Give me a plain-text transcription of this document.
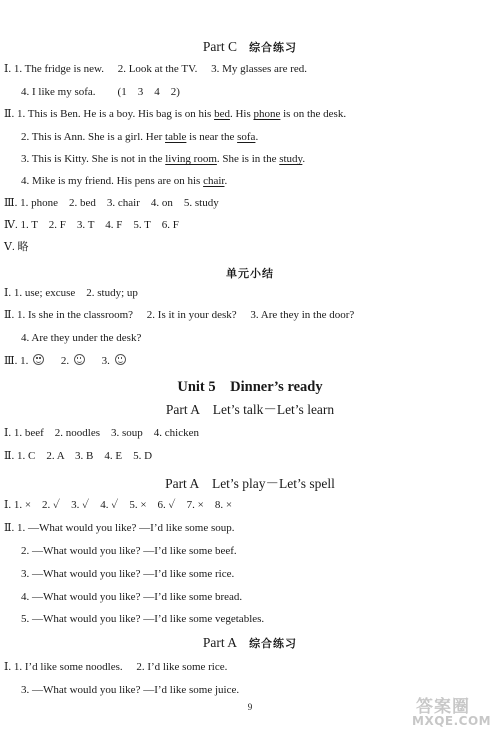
Part C 综合练习
Ⅰ. 1. The fridge is new.　 2. Look at the TV.　 3. My glasses are red.
4. I like my sofa.　　(1　3　4　2)
Ⅱ. 1. This is Ben. He is a boy. His bag is on his bed. His phone is on the desk.
2. This is Ann. She is a girl. Her table is near the sofa.
3. This is Kitty. She is not in the living room. She is in the study.
4. Mike is my friend. His pens are on his chair.
Ⅲ. 1. phone　2. bed　3. chair　4. on　5. study
Ⅳ. 1. T　2. F　3. T　4. F　5. T　6. F
Ⅴ. 略
单元小结
Ⅰ. 1. use; excuse　2. study; up
Ⅱ. 1. Is she in the classroom?　 2. Is it in your desk?　 3. Are they in the door?
4. Are they under the desk?
Ⅲ. 1.	2.	3.
Unit 5　Dinner’s ready
Part A　Let’s talk－Let’s learn
Ⅰ. 1. beef　2. noodles　3. soup　4. chicken
Ⅱ. 1. C　2. A　3. B　4. E　5. D
Part A　Let’s play－Let’s spell
Ⅰ. 1. ×　2. ✓　3. ✓　4. ✓　5. ×　6. ✓　7. ×　8. ×
Ⅱ. 1. —What would you like? —I’d like some soup.
2. —What would you like? —I’d like some beef.
3. —What would you like? —I’d like some rice.
4. —What would you like? —I’d like some bread.
5. —What would you like? —I’d like some vegetables.
Part A 综合练习
Ⅰ. 1. I’d like some noodles.　 2. I’d like some rice.
3. —What would you like? —I’d like some juice.
9	答案圈
MXQE.COM
